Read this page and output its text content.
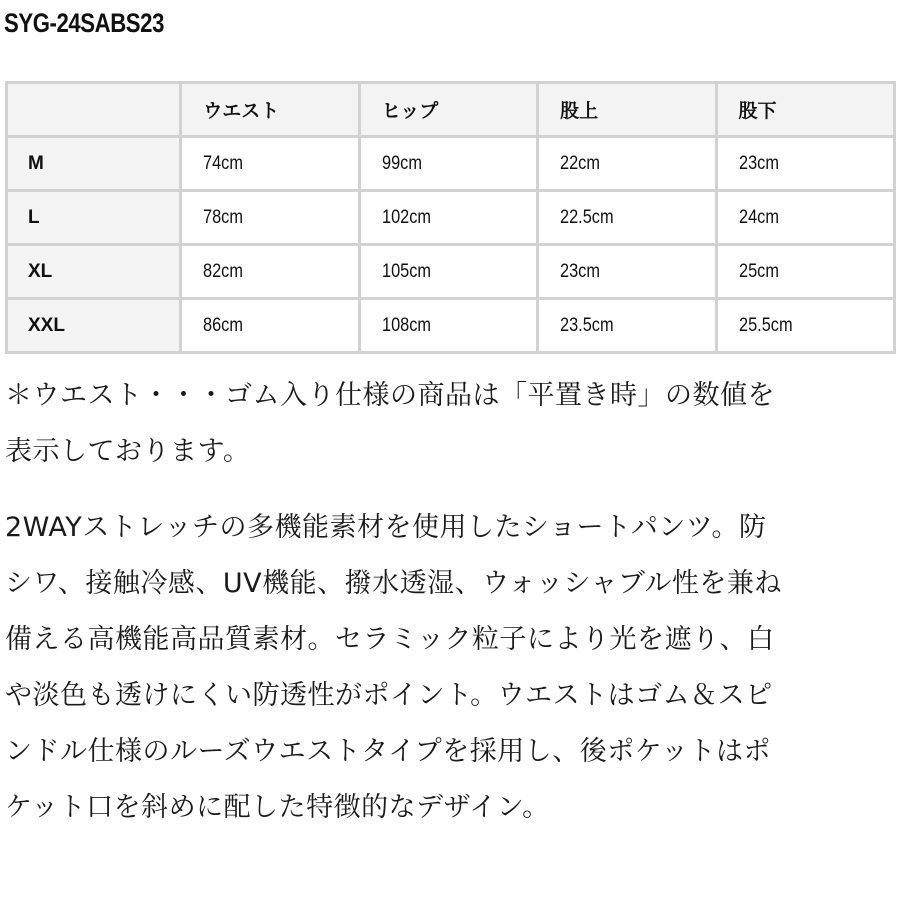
SYG-24SABS23
	ウエスト	ヒップ	股上	股下
M	74cm	99cm	22cm	23cm
L	78cm	102cm	22.5cm	24cm
XL	82cm	105cm	23cm	25cm
XXL	86cm	108cm	23.5cm	25.5cm
＊ウエスト・・・ゴム入り仕様の商品は「平置き時」の数値を
表示しております。
2WAYストレッチの多機能素材を使用したショートパンツ。防
シワ、接触冷感、UV機能、撥水透湿、ウォッシャブル性を兼ね
備える高機能高品質素材。セラミック粒子により光を遮り、白
や淡色も透けにくい防透性がポイント。ウエストはゴム＆スピ
ンドル仕様のルーズウエストタイプを採用し、後ポケットはポ
ケット口を斜めに配した特徴的なデザイン。
